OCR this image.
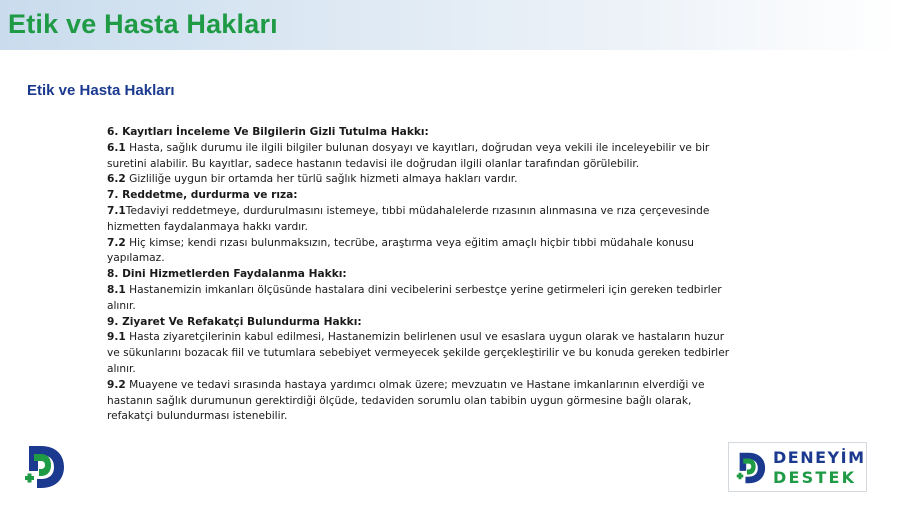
Etik ve Hasta Hakları
Etik ve Hasta Hakları

6. Kayıtları İnceleme Ve Bilgilerin Gizli Tutulma Hakkı:

6.1 Hasta, sağlık durumu ile ilgili bilgiler bulunan dosyayı ve kayıtları, doğrudan veya vekili ile inceleyebilir ve bir suretini alabilir. Bu kayıtlar, sadece hastanın tedavisi ile doğrudan ilgili olanlar tarafından görülebilir.

6.2 Gizliliğe uygun bir ortamda her türlü sağlık hizmeti almaya hakları vardır.

7. Reddetme, durdurma ve rıza:

7.1Tedaviyi reddetmeye, durdurulmasını istemeye, tıbbi müdahalelerde rızasının alınmasına ve rıza çerçevesinde hizmetten faydalanmaya hakkı vardır.

7.2 Hiç kimse; kendi rızası bulunmaksızın, tecrübe, araştırma veya eğitim amaçlı hiçbir tıbbi müdahale konusu yapılamaz.

8. Dini Hizmetlerden Faydalanma Hakkı:

8.1 Hastanemizin imkanları ölçüsünde hastalara dini vecibelerini serbestçe yerine getirmeleri için gereken tedbirler alınır.

9. Ziyaret Ve Refakatçi Bulundurma Hakkı:

9.1 Hasta ziyaretçilerinin kabul edilmesi, Hastanemizin belirlenen usul ve esaslara uygun olarak ve hastaların huzur ve sükunlarını bozacak fiil ve tutumlara sebebiyet vermeyecek şekilde gerçekleştirilir ve bu konuda gereken tedbirler alınır.

9.2 Muayene ve tedavi sırasında hastaya yardımcı olmak üzere; mevzuatın ve Hastane imkanlarının elverdiği ve hastanın sağlık durumunun gerektirdiği ölçüde, tedaviden sorumlu olan tabibin uygun görmesine bağlı olarak, refakatçi bulundurması istenebilir.

DENEYİM
DESTEK
